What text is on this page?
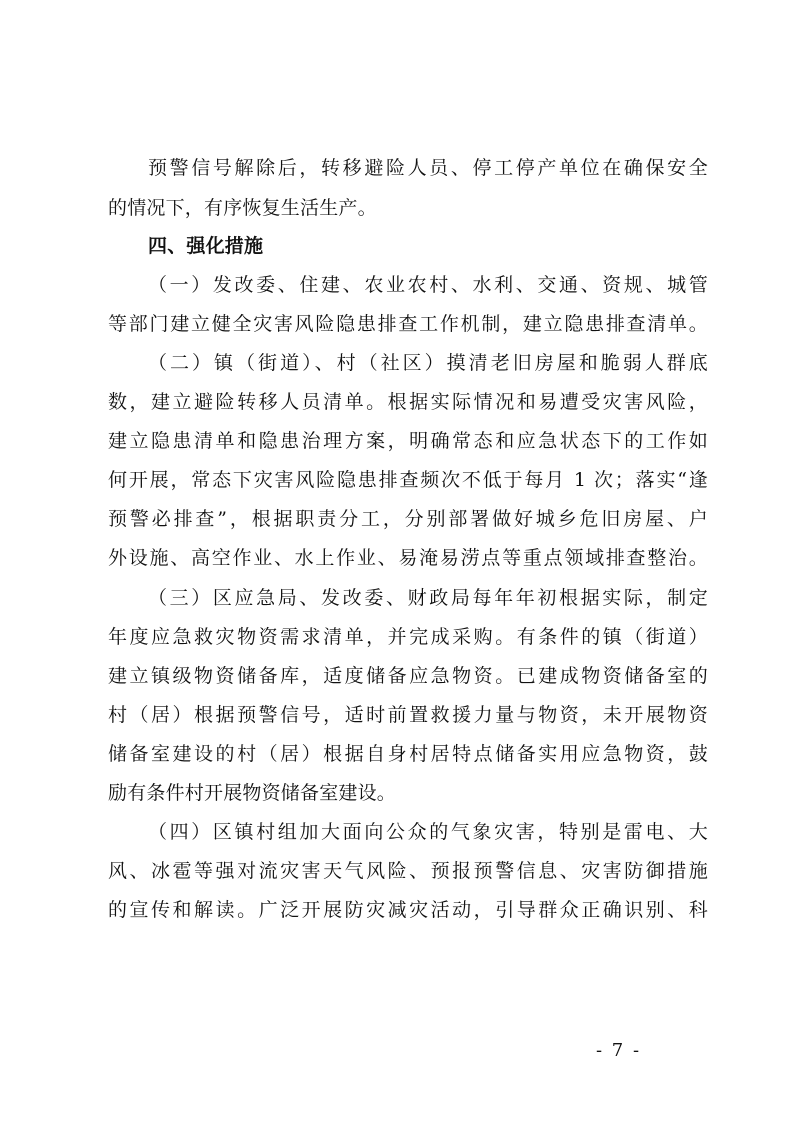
预警信号解除后，转移避险人员、停工停产单位在确保安全
的情况下，有序恢复生活生产。
四、强化措施
（一）发改委、住建、农业农村、水利、交通、资规、城管
等部门建立健全灾害风险隐患排查工作机制，建立隐患排查清单。
（二）镇（街道）、村（社区）摸清老旧房屋和脆弱人群底
数，建立避险转移人员清单。根据实际情况和易遭受灾害风险，
建立隐患清单和隐患治理方案，明确常态和应急状态下的工作如
何开展，常态下灾害风险隐患排查频次不低于每月 1 次；落实“逢
预警必排查”，根据职责分工，分别部署做好城乡危旧房屋、户
外设施、高空作业、水上作业、易淹易涝点等重点领域排查整治。
（三）区应急局、发改委、财政局每年年初根据实际，制定
年度应急救灾物资需求清单，并完成采购。有条件的镇（街道）
建立镇级物资储备库，适度储备应急物资。已建成物资储备室的
村（居）根据预警信号，适时前置救援力量与物资，未开展物资
储备室建设的村（居）根据自身村居特点储备实用应急物资，鼓
励有条件村开展物资储备室建设。
（四）区镇村组加大面向公众的气象灾害，特别是雷电、大
风、冰雹等强对流灾害天气风险、预报预警信息、灾害防御措施
的宣传和解读。广泛开展防灾减灾活动，引导群众正确识别、科
- 7 -
